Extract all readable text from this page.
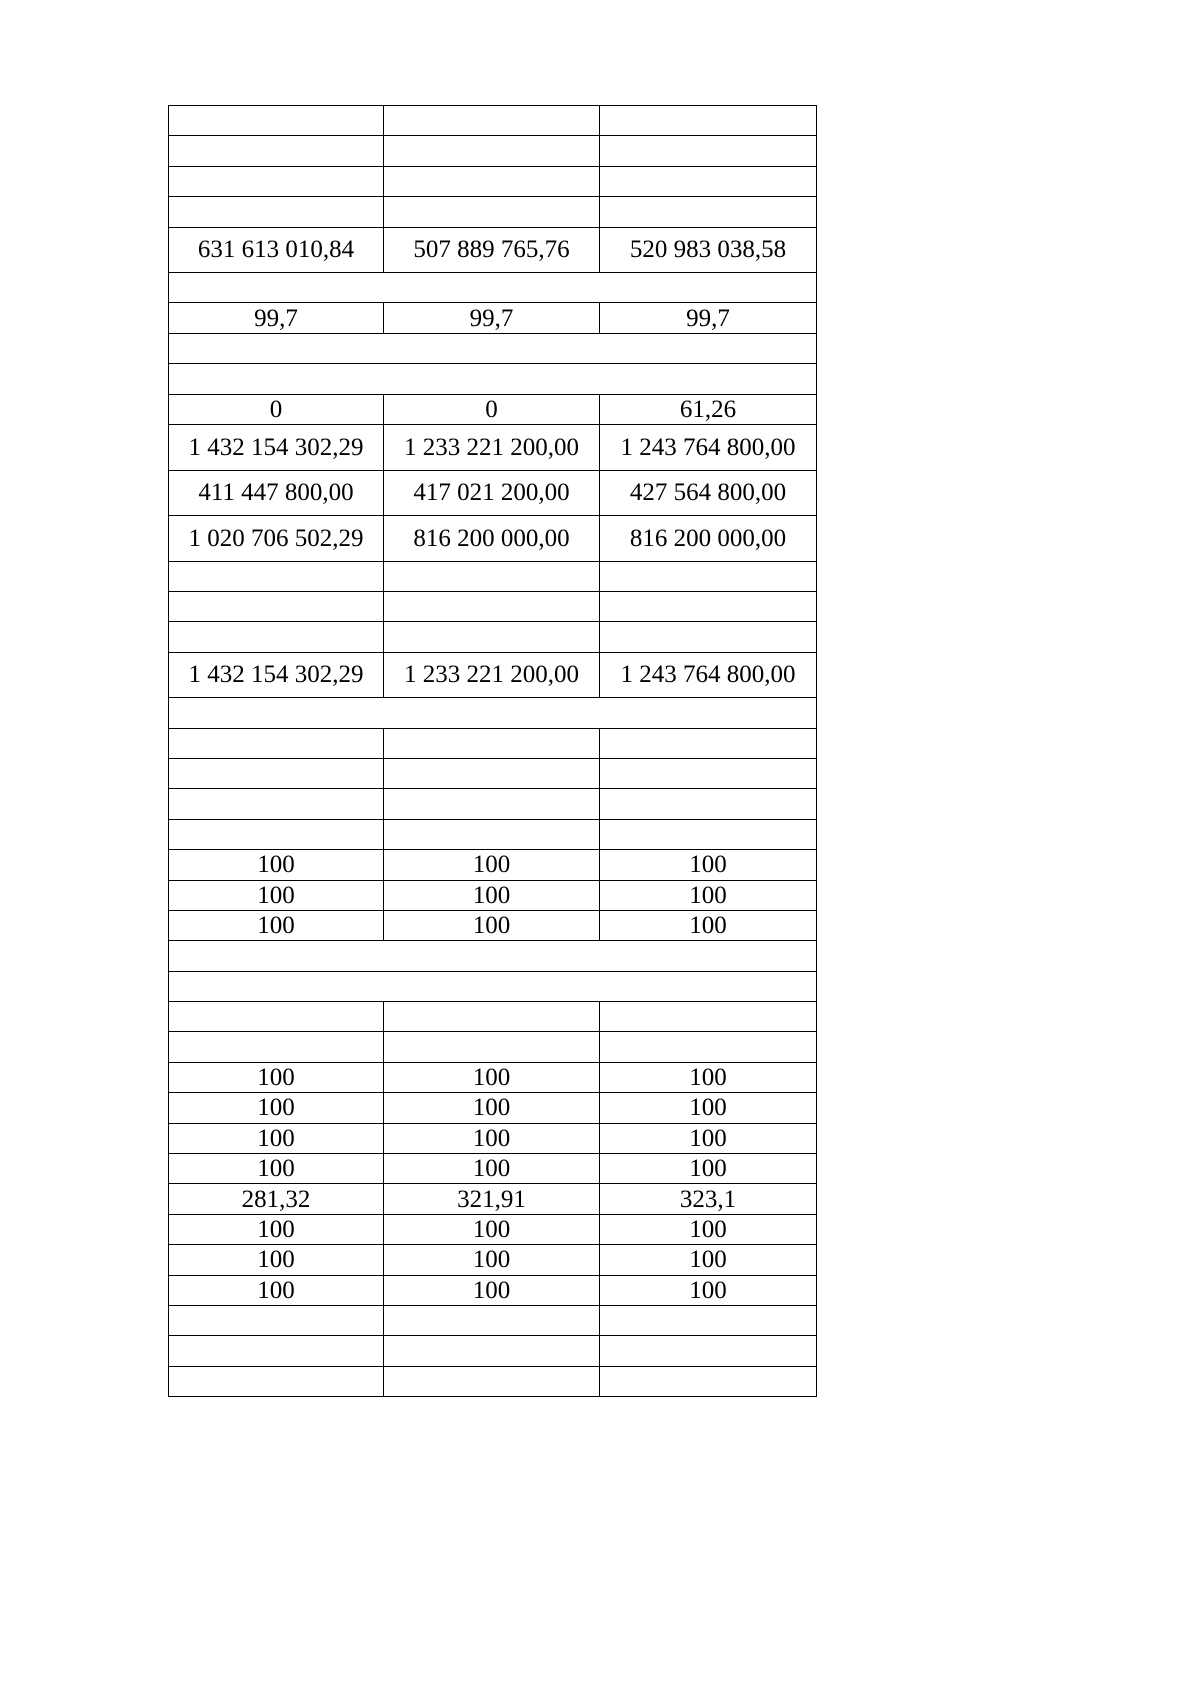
631 613 010,84	507 889 765,76	520 983 038,58

99,7	99,7	99,7

0	0	61,26
1 432 154 302,29	1 233 221 200,00	1 243 764 800,00
411 447 800,00	417 021 200,00	427 564 800,00
1 020 706 502,29	816 200 000,00	816 200 000,00

1 432 154 302,29	1 233 221 200,00	1 243 764 800,00

100	100	100
100	100	100
100	100	100

100	100	100
100	100	100
100	100	100
100	100	100
281,32	321,91	323,1
100	100	100
100	100	100
100	100	100
